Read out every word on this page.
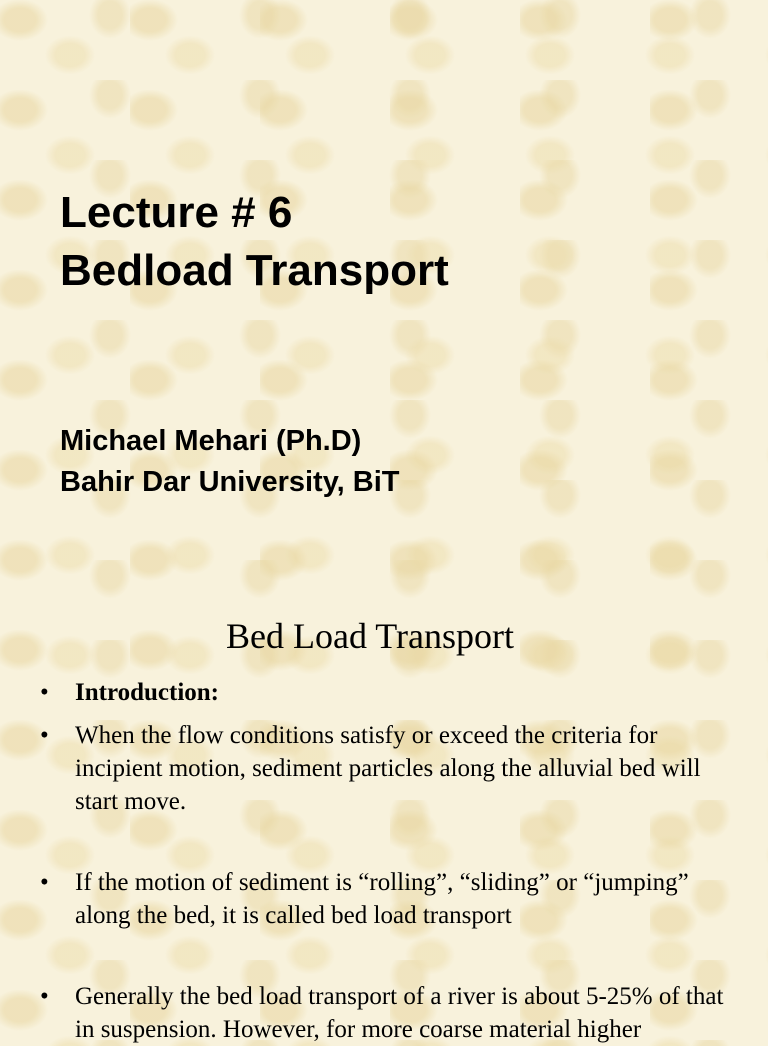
Lecture # 6
Bedload Transport
Michael Mehari (Ph.D)
Bahir Dar University, BiT
Bed Load Transport
• Introduction:
• When the flow conditions satisfy or exceed the criteria for incipient motion, sediment particles along the alluvial bed will start move.
• If the motion of sediment is “rolling”, “sliding” or “jumping” along the bed, it is called bed load transport
• Generally the bed load transport of a river is about 5-25% of that in suspension. However, for more coarse material higher
